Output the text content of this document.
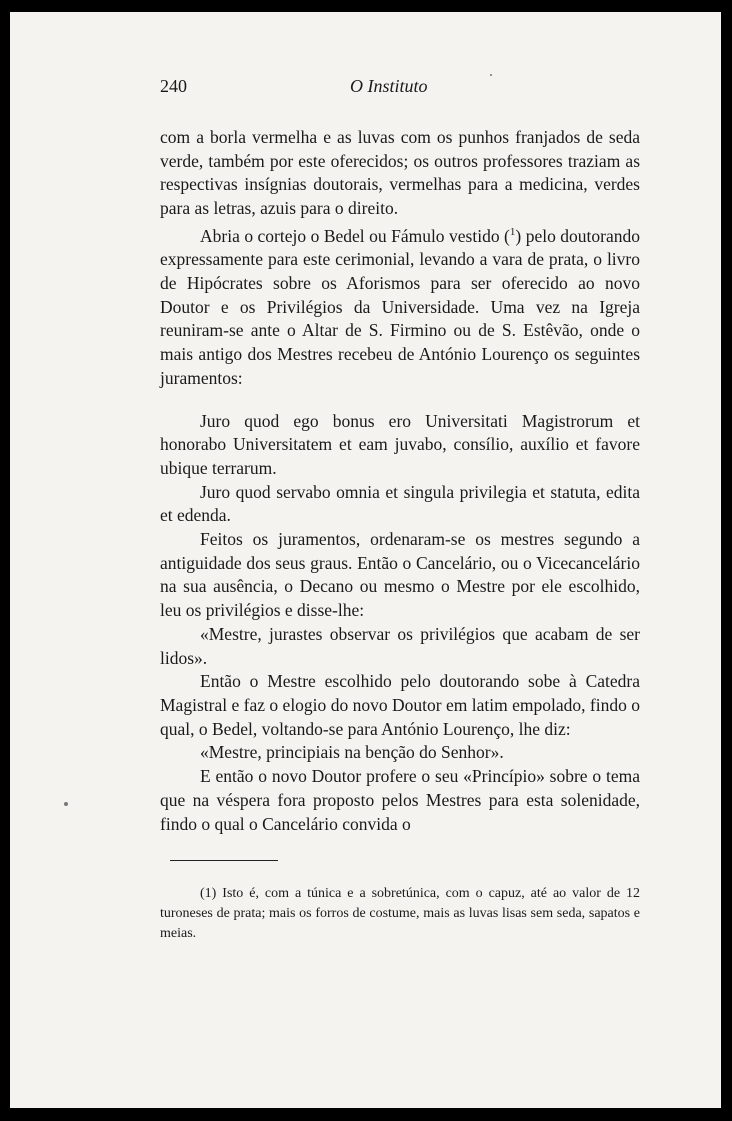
240	O Instituto

com a borla vermelha e as luvas com os punhos franjados de seda verde, também por este oferecidos; os outros professores traziam as respectivas insígnias doutorais, vermelhas para a medicina, verdes para as letras, azuis para o direito.

Abria o cortejo o Bedel ou Fámulo vestido ($^1$) pelo doutorando expressamente para este cerimonial, levando a vara de prata, o livro de Hipócrates sobre os Aforismos para ser oferecido ao novo Doutor e os Privilégios da Universidade. Uma vez na Igreja reuniram-se ante o Altar de S. Firmino ou de S. Estêvão, onde o mais antigo dos Mestres recebeu de António Lourenço os seguintes juramentos:

Juro quod ego bonus ero Universitati Magistrorum et honorabo Universitatem et eam juvabo, consílio, auxílio et favore ubique terrarum.

Juro quod servabo omnia et singula privilegia et statuta, edita et edenda.

Feitos os juramentos, ordenaram-se os mestres segundo a antiguidade dos seus graus. Então o Cancelário, ou o Vicecancelário na sua ausência, o Decano ou mesmo o Mestre por ele escolhido, leu os privilégios e disse-lhe:

«Mestre, jurastes observar os privilégios que acabam de ser lidos».

Então o Mestre escolhido pelo doutorando sobe à Catedra Magistral e faz o elogio do novo Doutor em latim empolado, findo o qual, o Bedel, voltando-se para António Lourenço, lhe diz:

«Mestre, principiais na benção do Senhor».

E então o novo Doutor profere o seu «Princípio» sobre o tema que na véspera fora proposto pelos Mestres para esta solenidade, findo o qual o Cancelário convida o

(1) Isto é, com a túnica e a sobretúnica, com o capuz, até ao valor de 12 turoneses de prata; mais os forros de costume, mais as luvas lisas sem seda, sapatos e meias.
